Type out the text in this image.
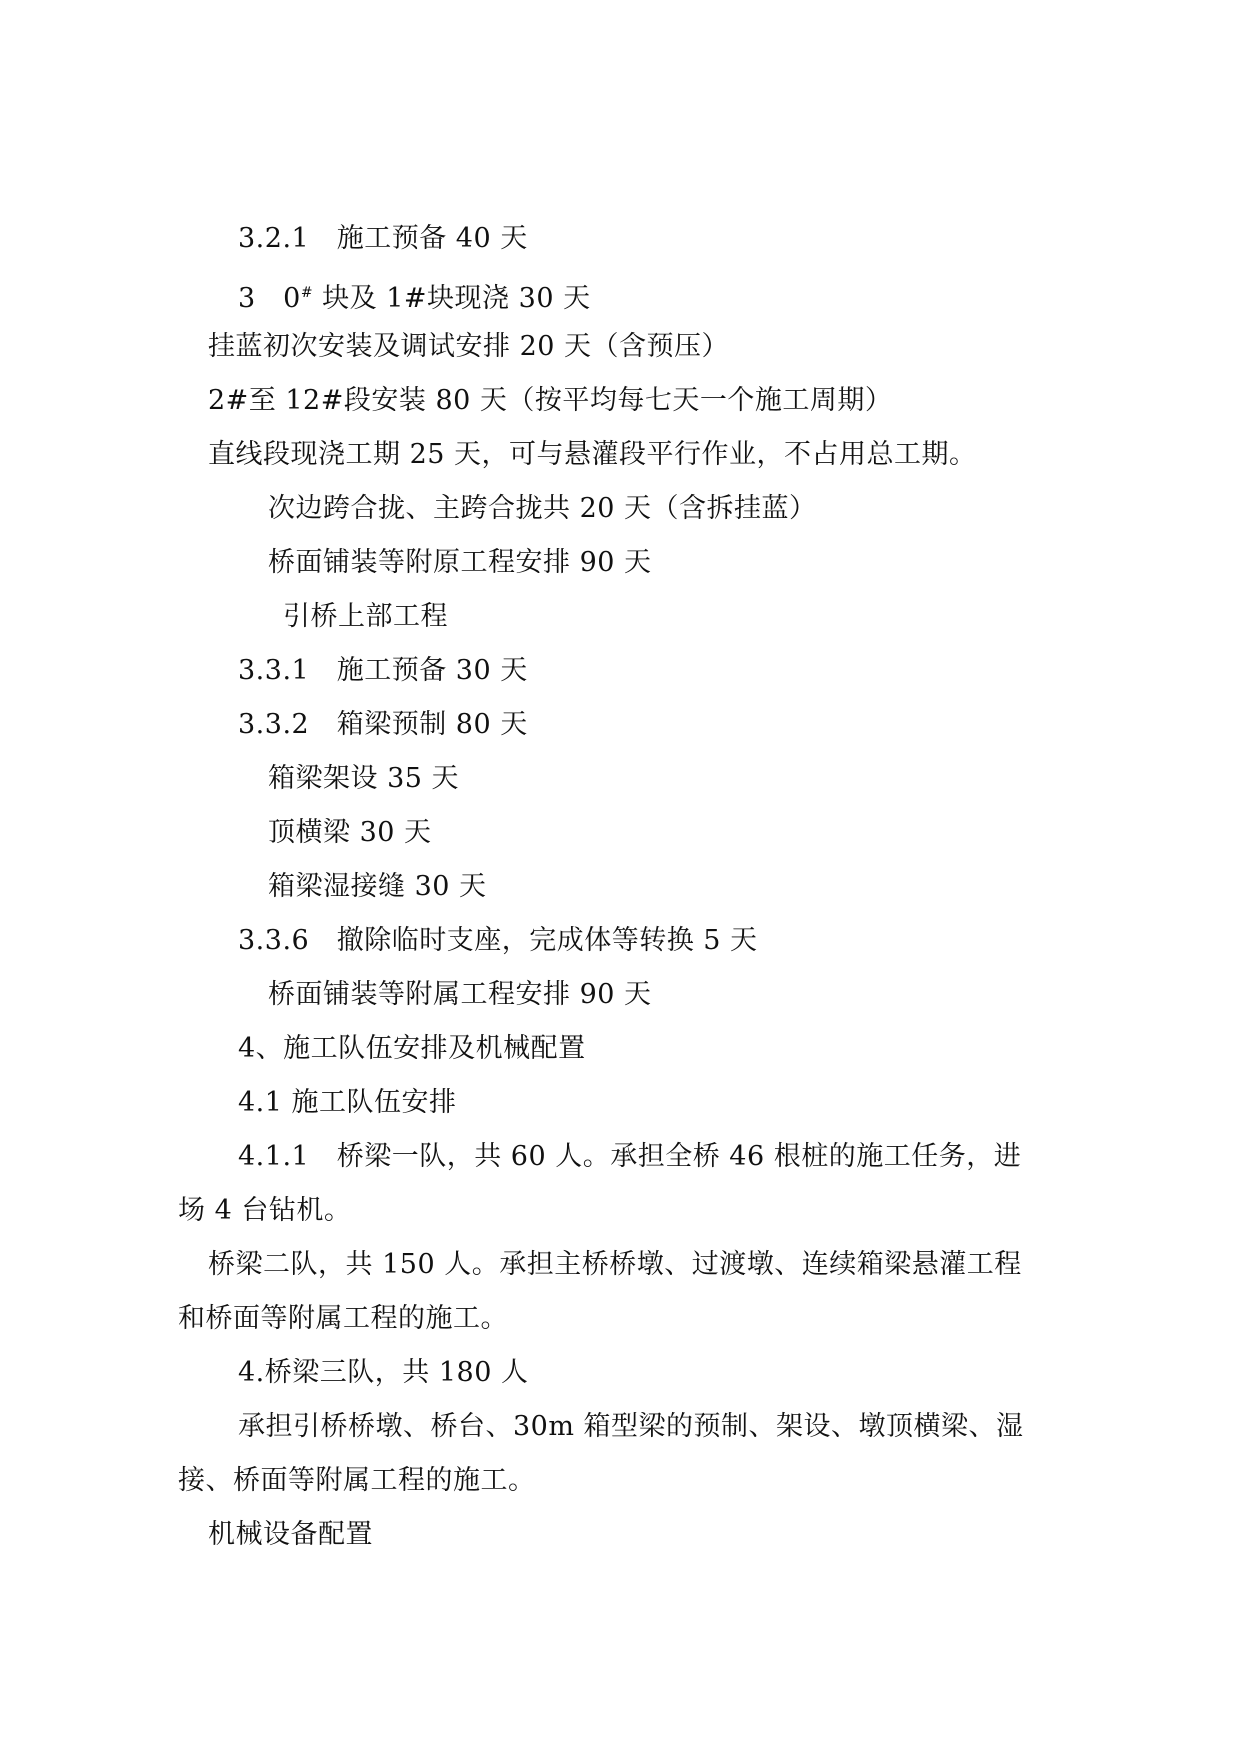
3.2.1　施工预备 40 天
3　0# 块及 1#块现浇 30 天
挂蓝初次安装及调试安排 20 天（含预压）
2#至 12#段安装 80 天（按平均每七天一个施工周期）
直线段现浇工期 25 天，可与悬灌段平行作业，不占用总工期。
次边跨合拢、主跨合拢共 20 天（含拆挂蓝）
桥面铺装等附原工程安排 90 天
引桥上部工程
3.3.1　施工预备 30 天
3.3.2　箱梁预制 80 天
箱梁架设 35 天
顶横梁 30 天
箱梁湿接缝 30 天
3.3.6　撤除临时支座，完成体等转换 5 天
桥面铺装等附属工程安排 90 天
4、施工队伍安排及机械配置
4.1 施工队伍安排
4.1.1　桥梁一队，共 60 人。承担全桥 46 根桩的施工任务，进
场 4 台钻机。
桥梁二队，共 150 人。承担主桥桥墩、过渡墩、连续箱梁悬灌工程
和桥面等附属工程的施工。
4.桥梁三队，共 180 人
承担引桥桥墩、桥台、30m 箱型梁的预制、架设、墩顶横梁、湿
接、桥面等附属工程的施工。
机械设备配置
